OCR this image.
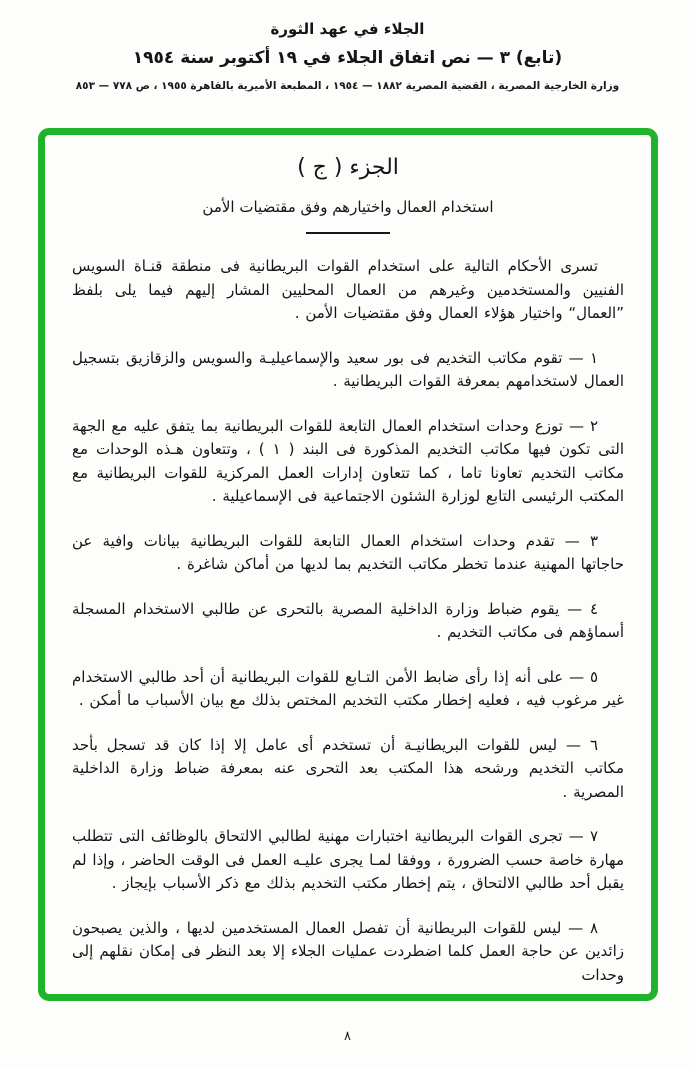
الجلاء في عهد الثورة
(تابع) ٣ — نص اتفاق الجلاء في ١٩ أكتوبر سنة ١٩٥٤
وزارة الخارجية المصرية ، القضية المصرية ١٨٨٢ — ١٩٥٤ ، المطبعة الأميرية بالقاهرة ١٩٥٥ ، ص ٧٧٨ — ٨٥٣
الجزء ( ج )
استخدام العمال واختيارهم وفق مقتضيات الأمن

تسرى الأحكام التالية على استخدام القوات البريطانية فى منطقة قنـاة السويس الفنيين والمستخدمين وغيرهم من العمال المحليين المشار إليهم فيما يلى بلفظ ”العمال“ واختيار هؤلاء العمال وفق مقتضيات الأمن .

١ — تقوم مكاتب التخديم فى بور سعيد والإسماعيليـة والسويس والزقازيق بتسجيل العمال لاستخدامهم بمعرفة القوات البريطانية .

٢ — توزع وحدات استخدام العمال التابعة للقوات البريطانية بما يتفق عليه مع الجهة التى تكون فيها مكاتب التخديم المذكورة فى البند ( ١ ) ، وتتعاون هـذه الوحدات مع مكاتب التخديم تعاونا تاما ، كما تتعاون إدارات العمل المركزية للقوات البريطانية مع المكتب الرئيسى التابع لوزارة الشئون الاجتماعية فى الإسماعيلية .

٣ — تقدم وحدات استخدام العمال التابعة للقوات البريطانية بيانات وافية عن حاجاتها المهنية عندما تخطر مكاتب التخديم بما لديها من أماكن شاغرة .

٤ — يقوم ضباط وزارة الداخلية المصرية بالتحرى عن طالبي الاستخدام المسجلة أسماؤهم فى مكاتب التخديم .

٥ — على أنه إذا رأى ضابط الأمن التـابع للقوات البريطانية أن أحد طالبي الاستخدام غير مرغوب فيه ، فعليه إخطار مكتب التخديم المختص بذلك مع بيان الأسباب ما أمكن .

٦ — ليس للقوات البريطانيـة أن تستخدم أى عامل إلا إذا كان قد تسجل بأحد مكاتب التخديم ورشحه هذا المكتب بعد التحرى عنه بمعرفة ضباط وزارة الداخلية المصرية .

٧ — تجرى القوات البريطانية اختبارات مهنية لطالبي الالتحاق بالوظائف التى تتطلب مهارة خاصة حسب الضرورة ، ووفقا لمـا يجرى عليـه العمل فى الوقت الحاضر ، وإذا لم يقبل أحد طالبي الالتحاق ، يتم إخطار مكتب التخديم بذلك مع ذكر الأسباب بإيجاز .

٨ — ليس للقوات البريطانية أن تفصل العمال المستخدمين لديها ، والذين يصبحون زائدين عن حاجة العمل كلما اضطردت عمليات الجلاء إلا بعد النظر فى إمكان نقلهم إلى وحدات

٨
